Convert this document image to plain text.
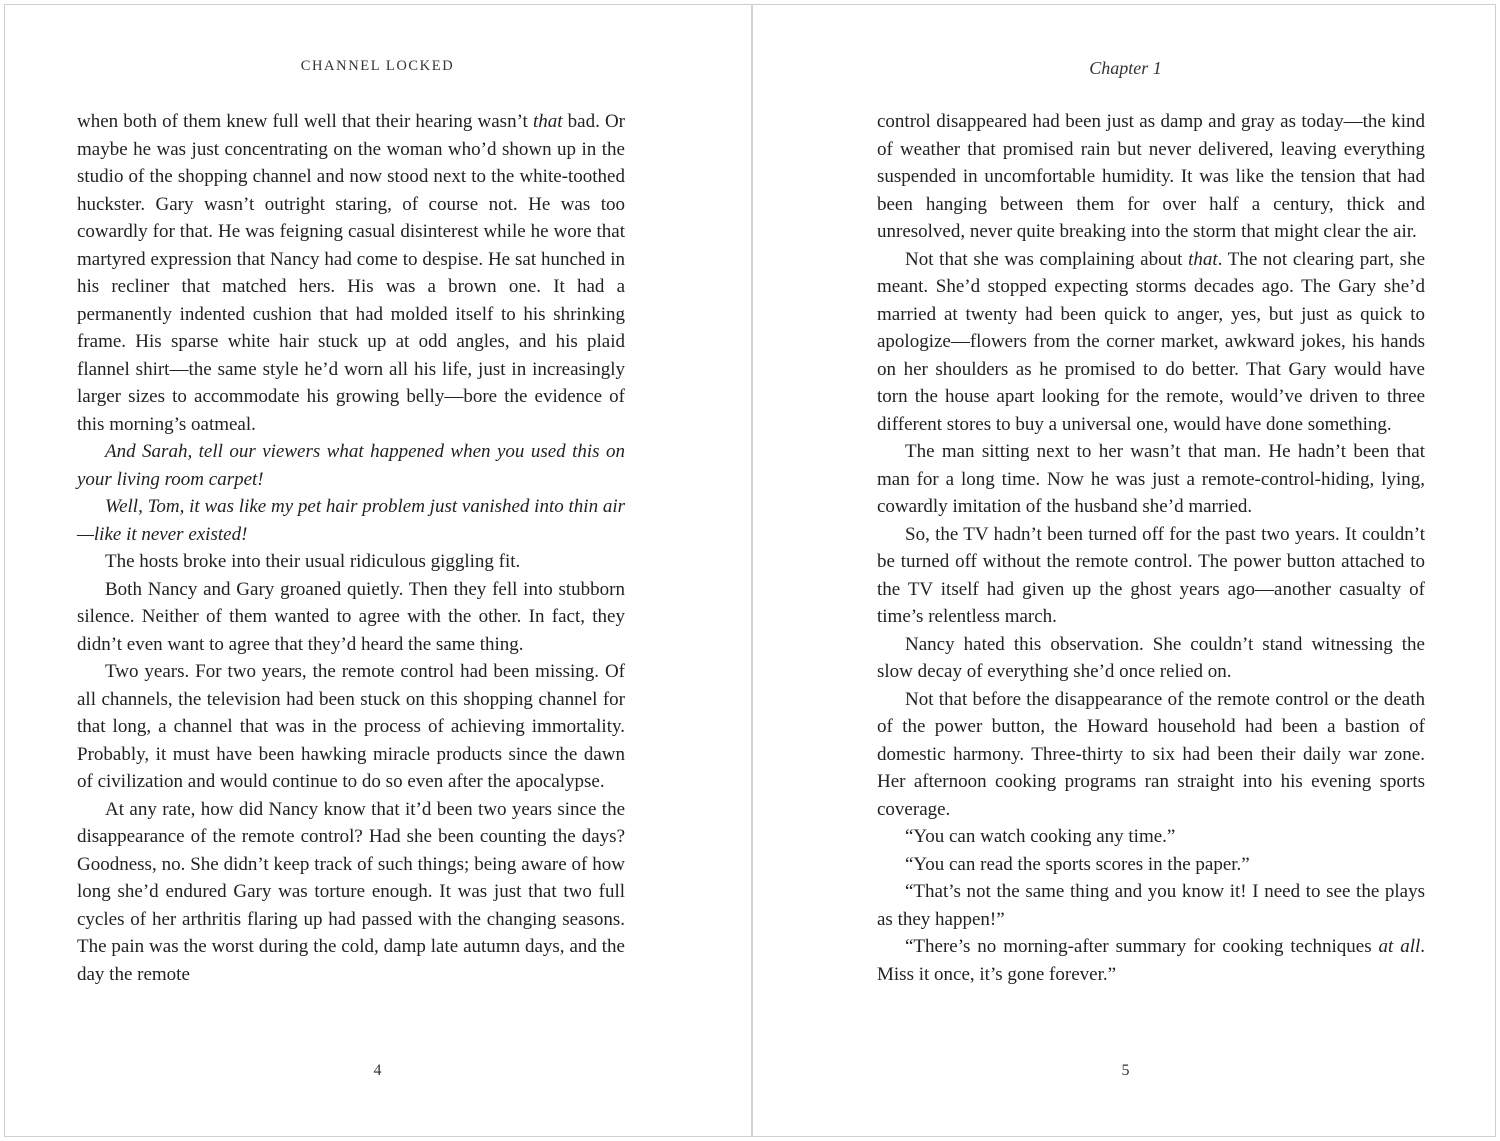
CHANNEL LOCKED

when both of them knew full well that their hearing wasn’t that bad. Or maybe he was just concentrating on the woman who’d shown up in the studio of the shopping channel and now stood next to the white-toothed huckster. Gary wasn’t outright staring, of course not. He was too cowardly for that. He was feigning casual disinterest while he wore that martyred expression that Nancy had come to despise. He sat hunched in his recliner that matched hers. His was a brown one. It had a permanently indented cushion that had molded itself to his shrinking frame. His sparse white hair stuck up at odd angles, and his plaid flannel shirt—the same style he’d worn all his life, just in increasingly larger sizes to accommodate his growing belly—bore the evidence of this morning’s oatmeal.

And Sarah, tell our viewers what happened when you used this on your living room carpet!

Well, Tom, it was like my pet hair problem just vanished into thin air—like it never existed!

The hosts broke into their usual ridiculous giggling fit.

Both Nancy and Gary groaned quietly. Then they fell into stubborn silence. Neither of them wanted to agree with the other. In fact, they didn’t even want to agree that they’d heard the same thing.

Two years. For two years, the remote control had been missing. Of all channels, the television had been stuck on this shopping channel for that long, a channel that was in the process of achieving immortality. Probably, it must have been hawking miracle products since the dawn of civilization and would continue to do so even after the apocalypse.

At any rate, how did Nancy know that it’d been two years since the disappearance of the remote control? Had she been counting the days? Goodness, no. She didn’t keep track of such things; being aware of how long she’d endured Gary was torture enough. It was just that two full cycles of her arthritis flaring up had passed with the changing seasons. The pain was the worst during the cold, damp late autumn days, and the day the remote

4
Chapter 1

control disappeared had been just as damp and gray as today—the kind of weather that promised rain but never delivered, leaving everything suspended in uncomfortable humidity. It was like the tension that had been hanging between them for over half a century, thick and unresolved, never quite breaking into the storm that might clear the air.

Not that she was complaining about that. The not clearing part, she meant. She’d stopped expecting storms decades ago. The Gary she’d married at twenty had been quick to anger, yes, but just as quick to apologize—flowers from the corner market, awkward jokes, his hands on her shoulders as he promised to do better. That Gary would have torn the house apart looking for the remote, would’ve driven to three different stores to buy a universal one, would have done something.

The man sitting next to her wasn’t that man. He hadn’t been that man for a long time. Now he was just a remote-control-hiding, lying, cowardly imitation of the husband she’d married.

So, the TV hadn’t been turned off for the past two years. It couldn’t be turned off without the remote control. The power button attached to the TV itself had given up the ghost years ago—another casualty of time’s relentless march.

Nancy hated this observation. She couldn’t stand witnessing the slow decay of everything she’d once relied on.

Not that before the disappearance of the remote control or the death of the power button, the Howard household had been a bastion of domestic harmony. Three-thirty to six had been their daily war zone. Her afternoon cooking programs ran straight into his evening sports coverage.

“You can watch cooking any time.”

“You can read the sports scores in the paper.”

“That’s not the same thing and you know it! I need to see the plays as they happen!”

“There’s no morning-after summary for cooking techniques at all. Miss it once, it’s gone forever.”

5
